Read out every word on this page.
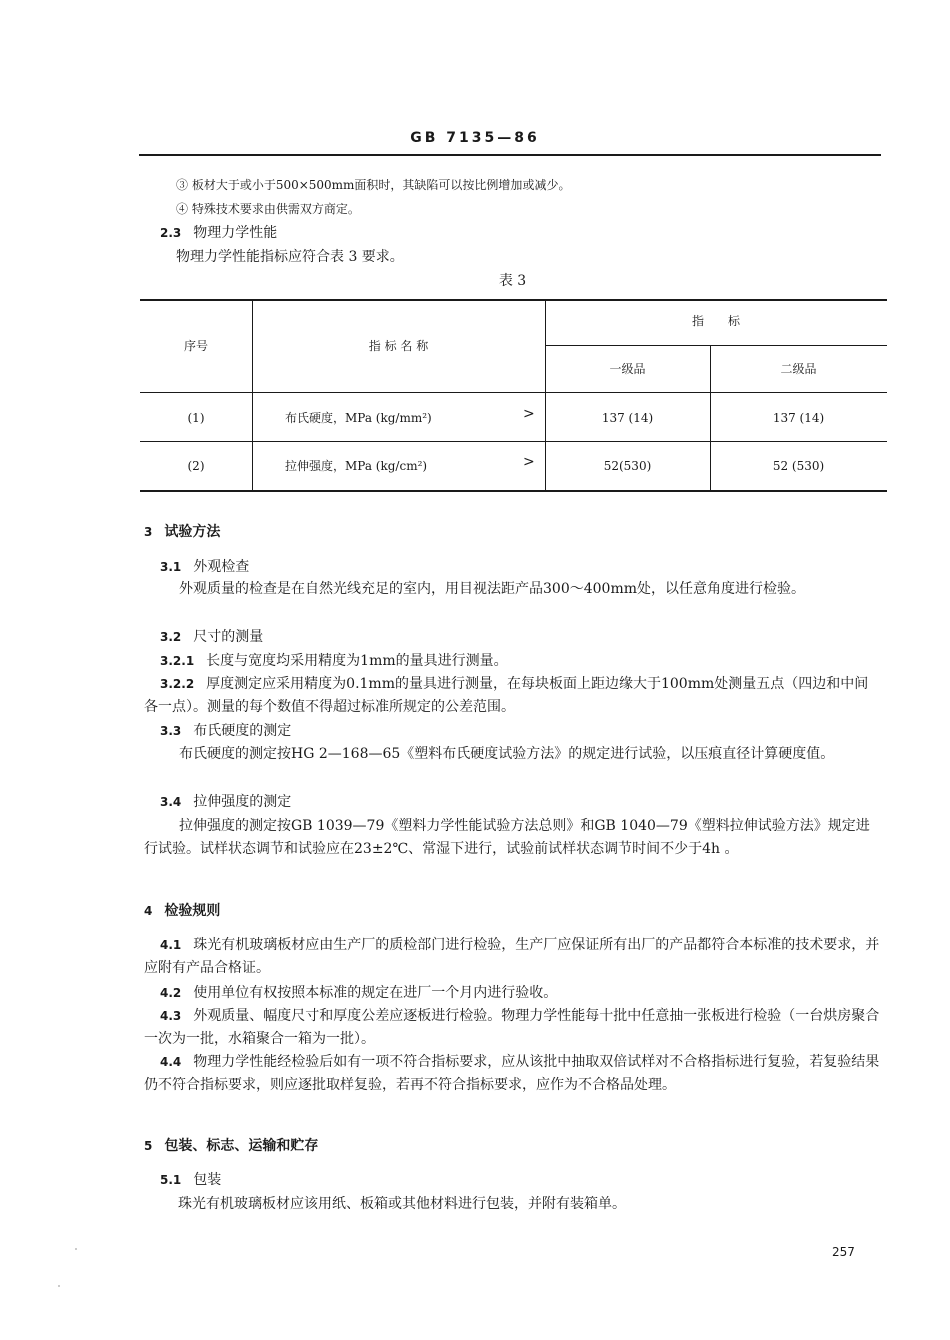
GB 7135—86
③ 板材大于或小于500×500mm面积时，其缺陷可以按比例增加或减少。
④ 特殊技术要求由供需双方商定。
2.3 物理力学性能
物理力学性能指标应符合表 3 要求。
表 3
序号	指 标 名 称
指　　标
一级品	二级品
(1)	布氏硬度，MPa (kg/mm²)	>	137 (14)	137 (14)
(2)	拉伸强度，MPa (kg/cm²)	>	52(530)	52 (530)
3 试验方法
3.1 外观检查
外观质量的检查是在自然光线充足的室内，用目视法距产品300～400mm处，以任意角度进行检验。
3.2 尺寸的测量
3.2.1 长度与宽度均采用精度为1mm的量具进行测量。
3.2.2 厚度测定应采用精度为0.1mm的量具进行测量，在每块板面上距边缘大于100mm处测量五点（四边和中间各一点）。测量的每个数值不得超过标准所规定的公差范围。
3.3 布氏硬度的测定
布氏硬度的测定按HG 2—168—65《塑料布氏硬度试验方法》的规定进行试验，以压痕直径计算硬度值。
3.4 拉伸强度的测定
拉伸强度的测定按GB 1039—79《塑料力学性能试验方法总则》和GB 1040—79《塑料拉伸试验方法》规定进行试验。试样状态调节和试验应在23±2℃、常湿下进行，试验前试样状态调节时间不少于4h 。
4 检验规则
4.1 珠光有机玻璃板材应由生产厂的质检部门进行检验，生产厂应保证所有出厂的产品都符合本标准的技术要求，并应附有产品合格证。
4.2 使用单位有权按照本标准的规定在进厂一个月内进行验收。
4.3 外观质量、幅度尺寸和厚度公差应逐板进行检验。物理力学性能每十批中任意抽一张板进行检验（一台烘房聚合一次为一批，水箱聚合一箱为一批）。
4.4 物理力学性能经检验后如有一项不符合指标要求，应从该批中抽取双倍试样对不合格指标进行复验，若复验结果仍不符合指标要求，则应逐批取样复验，若再不符合指标要求，应作为不合格品处理。
5 包装、标志、运输和贮存
5.1 包装
珠光有机玻璃板材应该用纸、板箱或其他材料进行包装，并附有装箱单。
257
